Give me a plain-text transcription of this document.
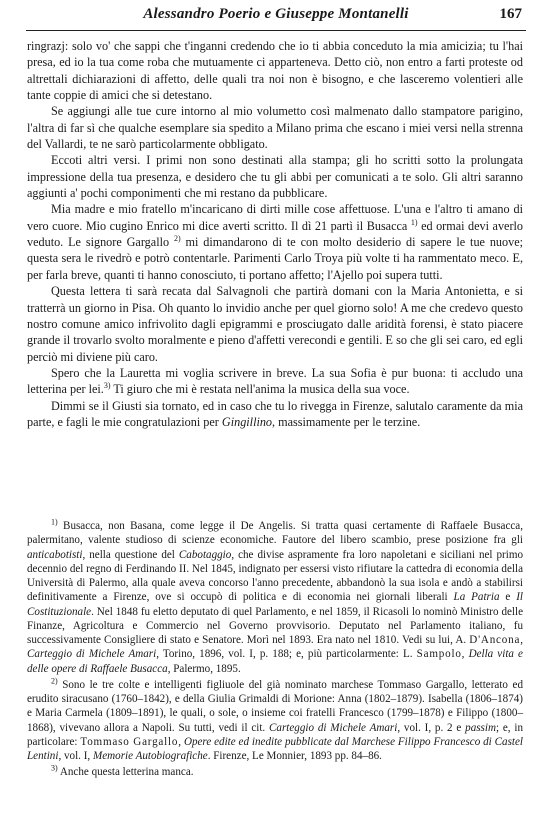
Alessandro Poerio e Giuseppe Montanelli	167

ringrazj: solo vo' che sappi che t'inganni credendo che io ti abbia conceduto la mia amicizia; tu l'hai presa, ed io la tua come roba che mutuamente ci apparteneva. Detto ciò, non entro a farti proteste od altrettali dichiarazioni di affetto, delle quali tra noi non è bisogno, e che lasceremo volentieri alle tante coppie di amici che si detestano.

Se aggiungi alle tue cure intorno al mio volumetto così malmenato dallo stampatore parigino, l'altra di far sì che qualche esemplare sia spedito a Milano prima che escano i miei versi nella strenna del Vallardi, te ne sarò particolarmente obbligato.

Eccoti altri versi. I primi non sono destinati alla stampa; gli ho scritti sotto la prolungata impressione della tua presenza, e desidero che tu gli abbi per comunicati a te solo. Gli altri saranno aggiunti a' pochi componimenti che mi restano da pubblicare.

Mia madre e mio fratello m'incaricano di dirti mille cose affettuose. L'una e l'altro ti amano di vero cuore. Mio cugino Enrico mi dice averti scritto. Il dì 21 partì il Busacca $^{1)}$ ed ormai devi averlo veduto. Le signore Gargallo $^{2)}$ mi dimandarono di te con molto desiderio di sapere le tue nuove; questa sera le rivedrò e potrò contentarle. Parimenti Carlo Troya più volte ti ha rammentato meco. E, per farla breve, quanti ti hanno conosciuto, ti portano affetto; l'Ajello poi supera tutti.

Questa lettera ti sarà recata dal Salvagnoli che partirà domani con la Maria Antonietta, e si tratterrà un giorno in Pisa. Oh quanto lo invidio anche per quel giorno solo! A me che credevo questo nostro comune amico infrivolito dagli epigrammi e prosciugato dalle aridità forensi, è stato piacere grande il trovarlo svolto moralmente e pieno d'affetti verecondi e gentili. E so che gli sei caro, ed egli perciò mi diviene più caro.

Spero che la Lauretta mi voglia scrivere in breve. La sua Sofia è pur buona: ti accludo una letterina per lei.$^{3)}$ Ti giuro che mi è restata nell'anima la musica della sua voce.

Dimmi se il Giusti sia tornato, ed in caso che tu lo rivegga in Firenze, salutalo caramente da mia parte, e fagli le mie congratulazioni per Gingillino, massimamente per le terzine.

$^{1)}$ Busacca, non Basana, come legge il De Angelis. Si tratta quasi certamente di Raffaele Busacca, palermitano, valente studioso di scienze economiche. Fautore del libero scambio, prese posizione fra gli anticabotisti, nella questione del Cabotaggio, che divise aspramente fra loro napoletani e siciliani nel primo decennio del regno di Ferdinando II. Nel 1845, indignato per essersi visto rifiutare la cattedra di economia della Università di Palermo, alla quale aveva concorso l'anno precedente, abbandonò la sua isola e andò a stabilirsi definitivamente a Firenze, ove si occupò di politica e di economia nei giornali liberali La Patria e Il Costituzionale. Nel 1848 fu eletto deputato di quel Parlamento, e nel 1859, il Ricasoli lo nominò Ministro delle Finanze, Agricoltura e Commercio nel Governo provvisorio. Deputato nel Parlamento italiano, fu successivamente Consigliere di stato e Senatore. Morì nel 1893. Era nato nel 1810. Vedi su lui, A. D'Ancona, Carteggio di Michele Amari, Torino, 1896, vol. I, p. 188; e, più particolarmente: L. Sampolo, Della vita e delle opere di Raffaele Busacca, Palermo, 1895.

$^{2)}$ Sono le tre colte e intelligenti figliuole del già nominato marchese Tommaso Gargallo, letterato ed erudito siracusano (1760–1842), e della Giulia Grimaldi di Morione: Anna (1802–1879). Isabella (1806–1874) e Maria Carmela (1809–1891), le quali, o sole, o insieme coi fratelli Francesco (1799–1878) e Filippo (1800–1868), vivevano allora a Napoli. Su tutti, vedi il cit. Carteggio di Michele Amari, vol. I, p. 2 e passim; e, in particolare: Tommaso Gargallo, Opere edite ed inedite pubblicate dal Marchese Filippo Francesco di Castel Lentini, vol. I, Memorie Autobiografiche. Firenze, Le Monnier, 1893 pp. 84–86.

$^{3)}$ Anche questa letterina manca.
